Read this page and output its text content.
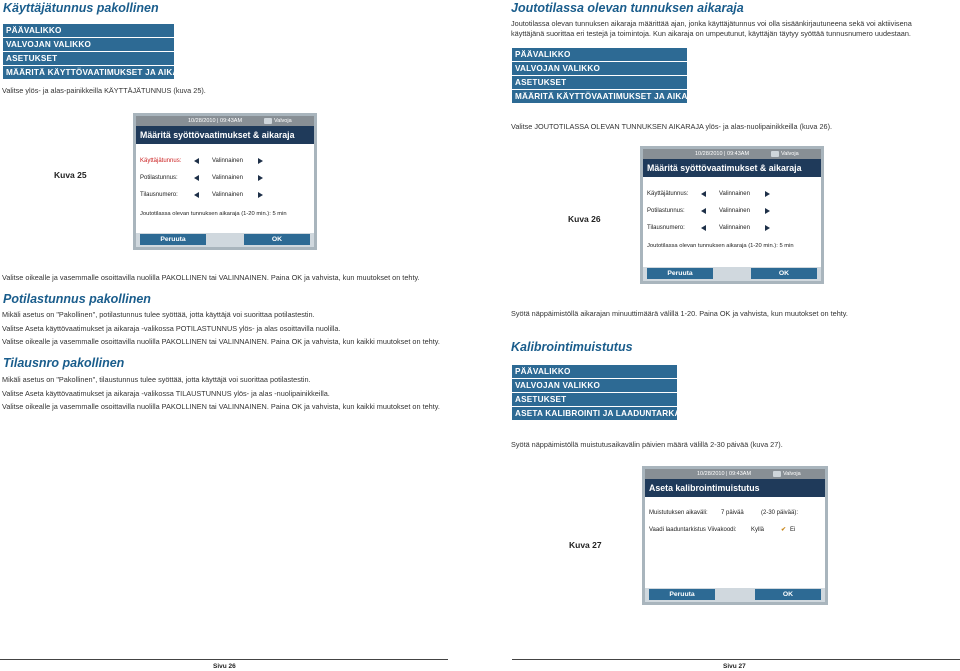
Käyttäjätunnus pakollinen
PÄÄVALIKKO
VALVOJAN VALIKKO
ASETUKSET
MÄÄRITÄ KÄYTTÖVAATIMUKSET JA AIKARAJA
Valitse ylös- ja alas-painikkeilla KÄYTTÄJÄTUNNUS (kuva 25).
Kuva 25
10/28/2010 | 09:43AM	Valvoja
Määritä syöttövaatimukset & aikaraja
Käyttäjätunnus:	Valinnainen
Potilastunnus:	Valinnainen
Tilausnumero:	Valinnainen
Joutotilassa olevan tunnuksen aikaraja (1-20 min.): 5 min
Peruuta	OK
Valitse oikealle ja vasemmalle osoittavilla nuolilla PAKOLLINEN tai VALINNAINEN. Paina OK ja vahvista, kun muutokset on tehty.
Potilastunnus pakollinen
Mikäli asetus on "Pakollinen", potilastunnus tulee syöttää, jotta käyttäjä voi suorittaa potilastestin.
Valitse Aseta käyttövaatimukset ja aikaraja -valikossa POTILASTUNNUS ylös- ja alas osoittavilla nuolilla.
Valitse oikealle ja vasemmalle osoittavilla nuolilla PAKOLLINEN tai VALINNAINEN. Paina OK ja vahvista, kun kaikki muutokset on tehty.
Tilausnro pakollinen
Mikäli asetus on "Pakollinen", tilaustunnus tulee syöttää, jotta käyttäjä voi suorittaa potilastestin.
Valitse Aseta käyttövaatimukset ja aikaraja -valikossa TILAUSTUNNUS ylös- ja alas -nuolipainikkeilla.
Valitse oikealle ja vasemmalle osoittavilla nuolilla PAKOLLINEN tai VALINNAINEN. Paina OK ja vahvista, kun kaikki muutokset on tehty.
Sivu 26
Joutotilassa olevan tunnuksen aikaraja
Joutotilassa olevan tunnuksen aikaraja määrittää ajan, jonka käyttäjätunnus voi olla sisäänkirjautuneena sekä voi aktiivisena käyttäjänä suorittaa eri testejä ja toimintoja. Kun aikaraja on umpeutunut, käyttäjän täytyy syöttää tunnusnumero uudestaan.
PÄÄVALIKKO
VALVOJAN VALIKKO
ASETUKSET
MÄÄRITÄ KÄYTTÖVAATIMUKSET JA AIKARAJA
Valitse JOUTOTILASSA OLEVAN TUNNUKSEN AIKARAJA ylös- ja alas-nuolipainikkeilla (kuva 26).
Kuva 26
10/28/2010 | 09:43AM	Valvoja
Määritä syöttövaatimukset & aikaraja
Käyttäjätunnus:	Valinnainen
Potilastunnus:	Valinnainen
Tilausnumero:	Valinnainen
Joutotilassa olevan tunnuksen aikaraja (1-20 min.): 5 min
Peruuta	OK
Syötä näppäimistöllä aikarajan minuuttimäärä välillä 1-20. Paina OK ja vahvista, kun muutokset on tehty.
Kalibrointimuistutus
PÄÄVALIKKO
VALVOJAN VALIKKO
ASETUKSET
ASETA KALIBROINTI JA LAADUNTARKASTUS
Syötä näppäimistöllä muistutusaikavälin päivien määrä välillä 2-30 päivää (kuva 27).
Kuva 27
10/28/2010 | 09:43AM	Valvoja
Aseta kalibrointimuistutus
Muistutuksen aikaväli: 7 päivää	(2-30 päivää):
Vaadi laaduntarkistus Viivakoodi: Kyllä	✔ Ei
Peruuta	OK
Sivu 27
